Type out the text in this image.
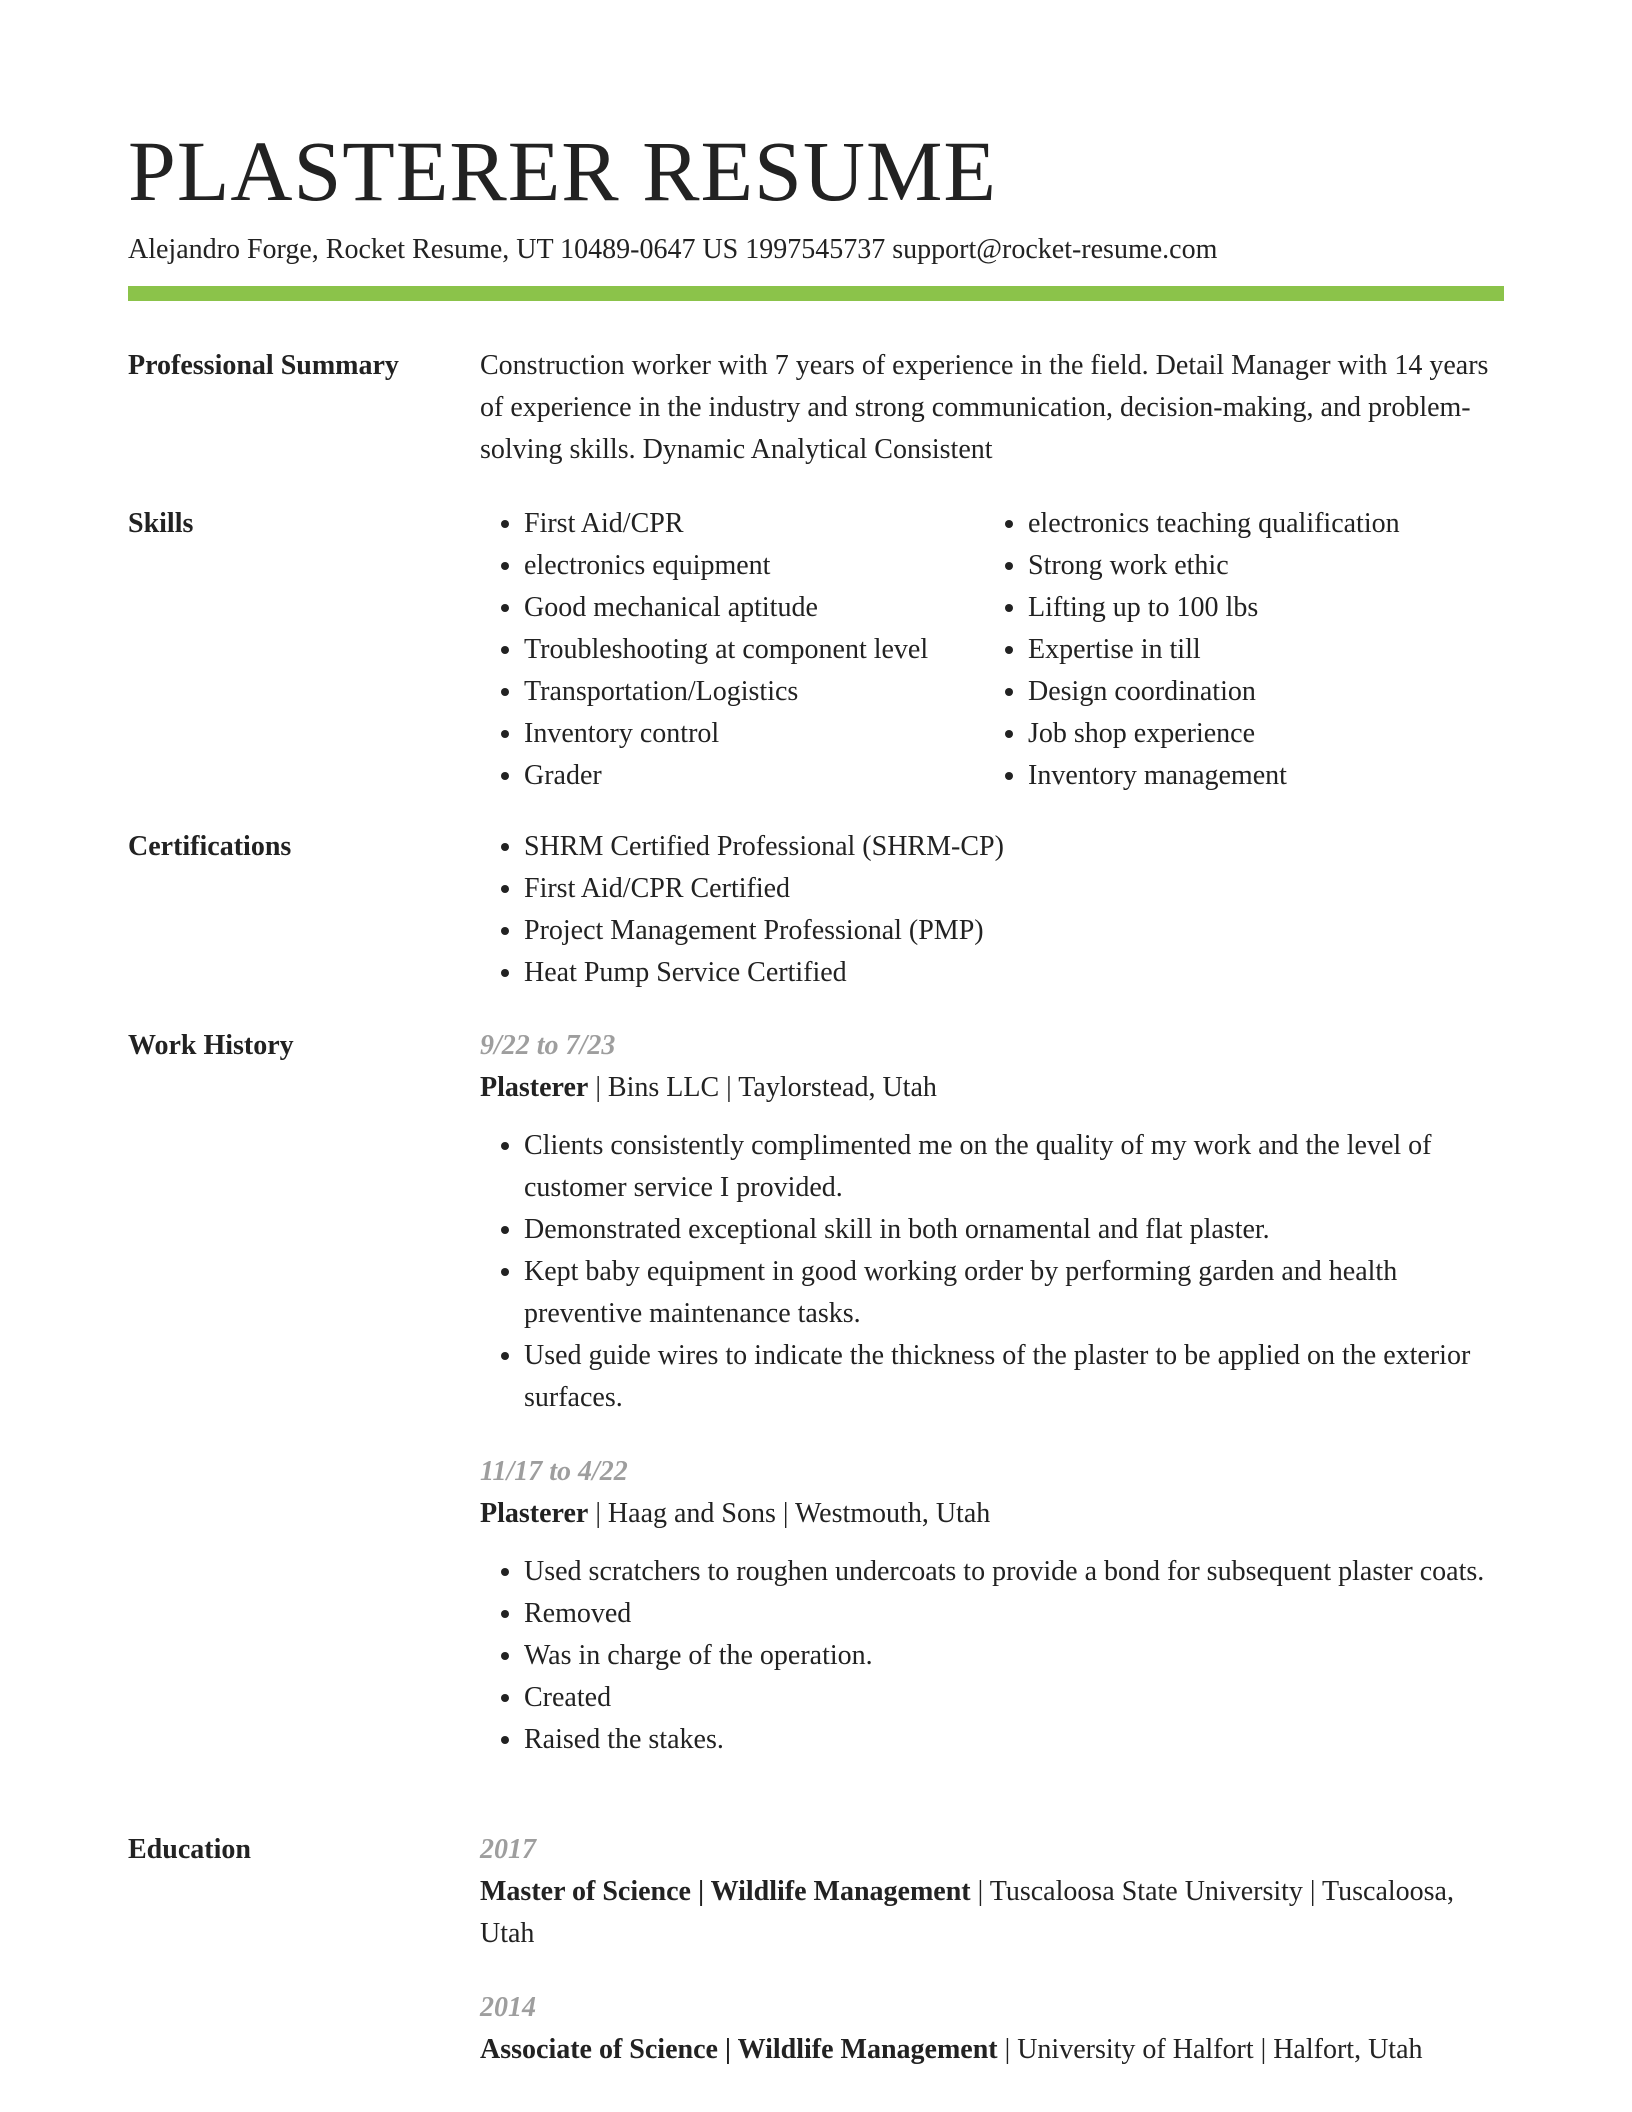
PLASTERER RESUME
Alejandro Forge, Rocket Resume, UT 10489-0647 US 1997545737 support@rocket-resume.com
Professional Summary	Construction worker with 7 years of experience in the field. Detail Manager with 14 years of experience in the industry and strong communication, decision-making, and problem-solving skills. Dynamic Analytical Consistent

Skills	• First Aid/CPR
• electronics equipment
• Good mechanical aptitude
• Troubleshooting at component level
• Transportation/Logistics
• Inventory control
• Grader
• electronics teaching qualification
• Strong work ethic
• Lifting up to 100 lbs
• Expertise in till
• Design coordination
• Job shop experience
• Inventory management
Certifications	• SHRM Certified Professional (SHRM-CP)
• First Aid/CPR Certified
• Project Management Professional (PMP)
• Heat Pump Service Certified
Work History	9/22 to 7/23
Plasterer | Bins LLC | Taylorstead, Utah
• Clients consistently complimented me on the quality of my work and the level of customer service I provided.
• Demonstrated exceptional skill in both ornamental and flat plaster.
• Kept baby equipment in good working order by performing garden and health preventive maintenance tasks.
• Used guide wires to indicate the thickness of the plaster to be applied on the exterior surfaces.
11/17 to 4/22
Plasterer | Haag and Sons | Westmouth, Utah
• Used scratchers to roughen undercoats to provide a bond for subsequent plaster coats.
• Removed
• Was in charge of the operation.
• Created
• Raised the stakes.
Education	2017
Master of Science | Wildlife Management | Tuscaloosa State University | Tuscaloosa, Utah
2014
Associate of Science | Wildlife Management | University of Halfort | Halfort, Utah
